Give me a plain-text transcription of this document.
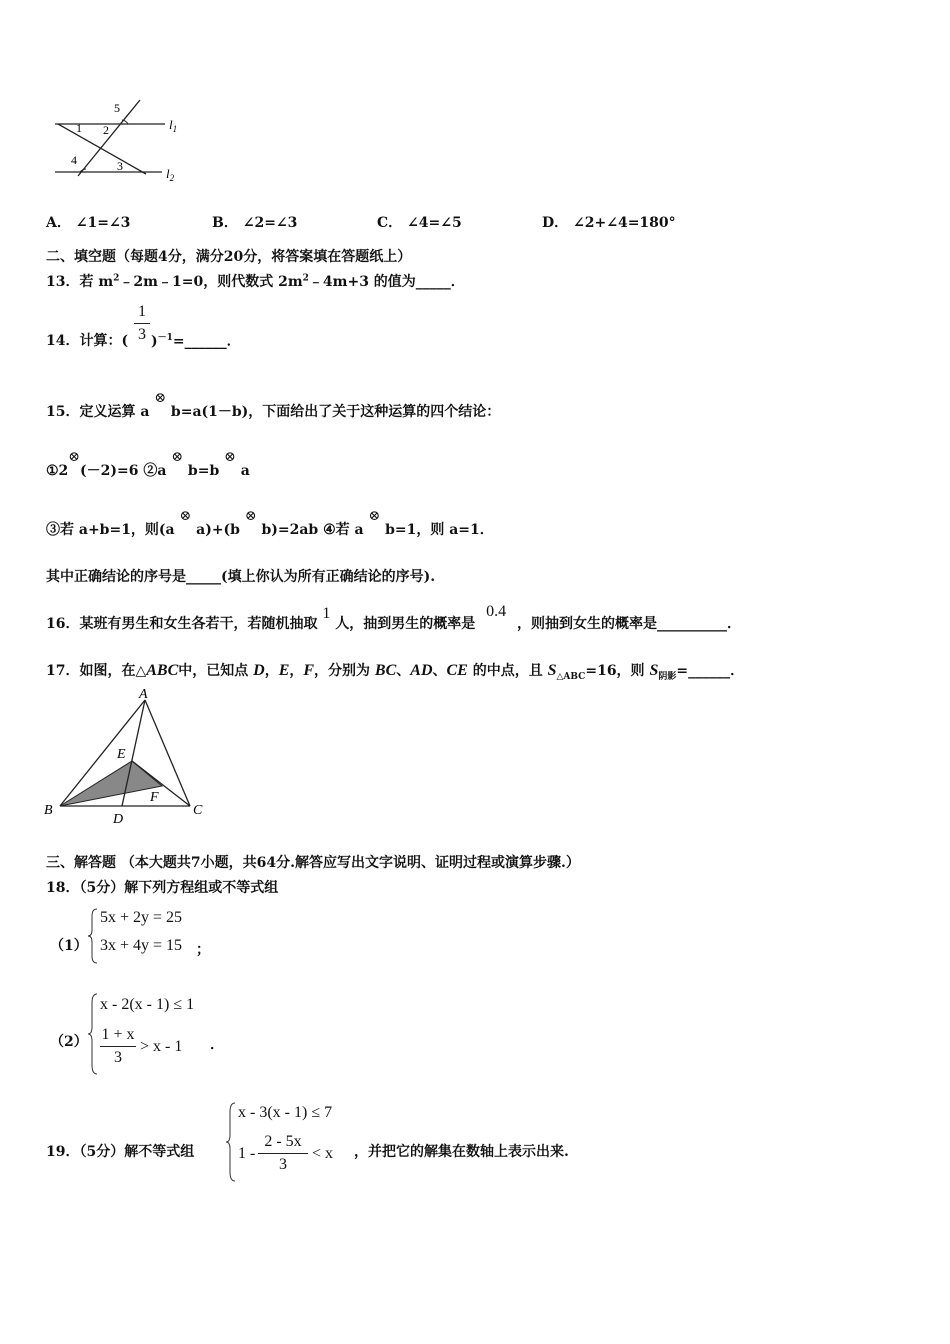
5
1 2
4	3
$l_1$
$l_2$
A． ∠1=∠3	B． ∠2=∠3	C． ∠4=∠5	D． ∠2+∠4=180°
二、填空题（每题4分，满分20分，将答案填在答题纸上）
13．若 $m^2﹣2m﹣1=0$，则代数式 $2m^2﹣4m+3$ 的值为_____．
14．计算：(
1
3 )$^{-1}$=______．
15．定义运算 a ⊗ b=a(1－b)，下面给出了关于这种运算的四个结论：
①2⊗(－2)=6 ②a ⊗ b=b ⊗ a
③若 a+b=1，则(a ⊗ a)+(b ⊗ b)=2ab ④若 a ⊗ b=1，则 a=1．
其中正确结论的序号是_____(填上你认为所有正确结论的序号).
16．某班有男生和女生各若干，若随机抽取 1 人，抽到男生的概率是 0.4 ，则抽到女生的概率是__________．
17．如图，在△ABC中，已知点 D，E，F，分别为 BC、AD、CE 的中点，且 $S_{\triangle ABC}=16$，则 $S_{阴影}=\_\_\_\_\_\_$．
A
B	C
D
E
F
三、解答题 （本大题共7小题，共64分.解答应写出文字说明、证明过程或演算步骤.）
18．（5分）解下列方程组或不等式组
（1）
5x + 2y = 25
3x + 4y = 15 ；
（2）
x - 2(x - 1) ≤ 1
1 + x
3
> x - 1 ．
19．（5分）解不等式组
x - 3(x - 1) ≤ 7
1 -
2 - 5x
3
< x ，并把它的解集在数轴上表示出来.
